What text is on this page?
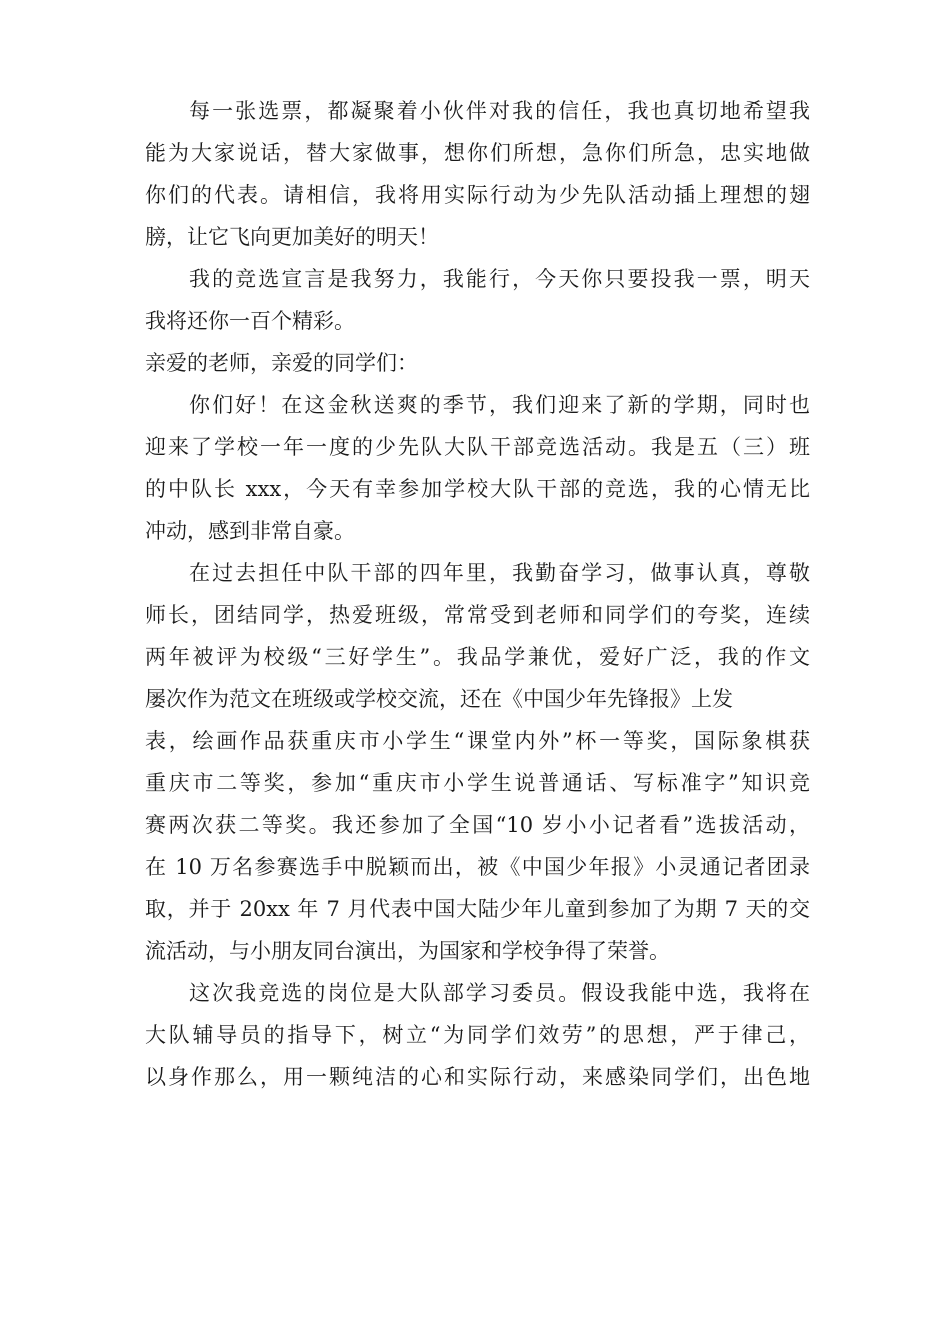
每一张选票，都凝聚着小伙伴对我的信任，我也真切地希望我
能为大家说话，替大家做事，想你们所想，急你们所急，忠实地做
你们的代表。请相信，我将用实际行动为少先队活动插上理想的翅
膀，让它飞向更加美好的明天！
我的竞选宣言是我努力，我能行，今天你只要投我一票，明天
我将还你一百个精彩。
亲爱的老师，亲爱的同学们：
你们好！在这金秋送爽的季节，我们迎来了新的学期，同时也
迎来了学校一年一度的少先队大队干部竞选活动。我是五（三）班
的中队长 xxx，今天有幸参加学校大队干部的竞选，我的心情无比
冲动，感到非常自豪。
在过去担任中队干部的四年里，我勤奋学习，做事认真，尊敬
师长，团结同学，热爱班级，常常受到老师和同学们的夸奖，连续
两年被评为校级“三好学生”。我品学兼优，爱好广泛，我的作文
屡次作为范文在班级或学校交流，还在《中国少年先锋报》上发
表，绘画作品获重庆市小学生“课堂内外”杯一等奖，国际象棋获
重庆市二等奖，参加“重庆市小学生说普通话、写标准字”知识竞
赛两次获二等奖。我还参加了全国“10 岁小小记者看”选拔活动，
在 10 万名参赛选手中脱颖而出，被《中国少年报》小灵通记者团录
取，并于 20xx 年 7 月代表中国大陆少年儿童到参加了为期 7 天的交
流活动，与小朋友同台演出，为国家和学校争得了荣誉。
这次我竞选的岗位是大队部学习委员。假设我能中选，我将在
大队辅导员的指导下，树立“为同学们效劳”的思想，严于律己，
以身作那么，用一颗纯洁的心和实际行动，来感染同学们，出色地
